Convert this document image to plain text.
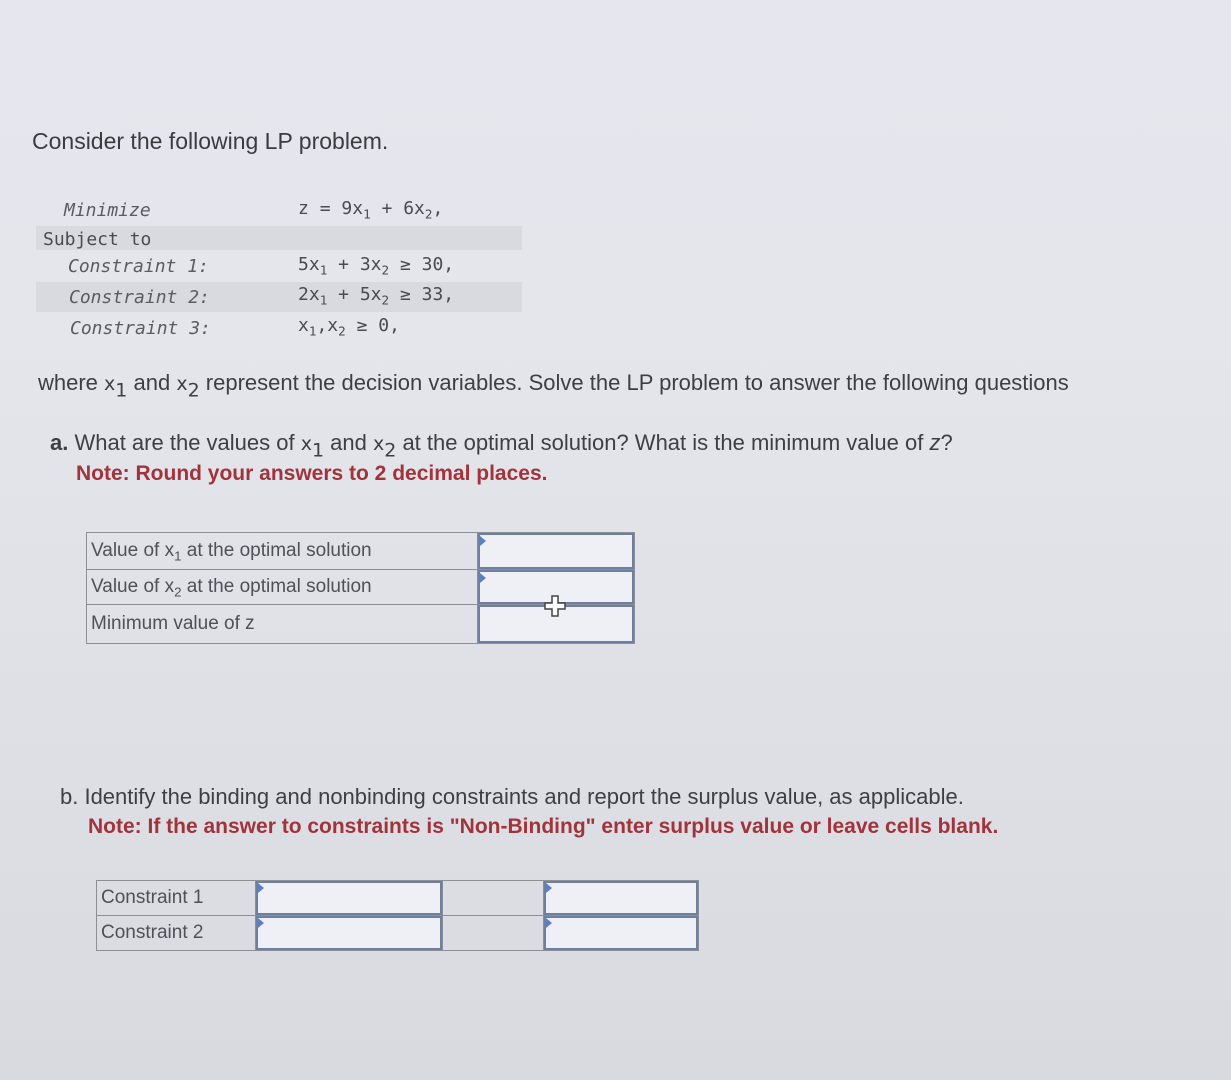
Consider the following LP problem.
Minimize	$z = 9x_1 + 6x_2$,
Subject to
Constraint 1:	$5x_1 + 3x_2 \ge 30$,
Constraint 2:	$2x_1 + 5x_2 \ge 33$,
Constraint 3:	$x_1,x_2 \ge 0$,
where $x_1$ and $x_2$ represent the decision variables. Solve the LP problem to answer the following questions
a. What are the values of $x_1$ and $x_2$ at the optimal solution? What is the minimum value of z?
Note: Round your answers to 2 decimal places.
Value of $x_1$ at the optimal solution	

Value of $x_2$ at the optimal solution	

Minimum value of z	
b. Identify the binding and nonbinding constraints and report the surplus value, as applicable.
Note: If the answer to constraints is "Non-Binding" enter surplus value or leave cells blank.
Constraint 1	

Constraint 2	
